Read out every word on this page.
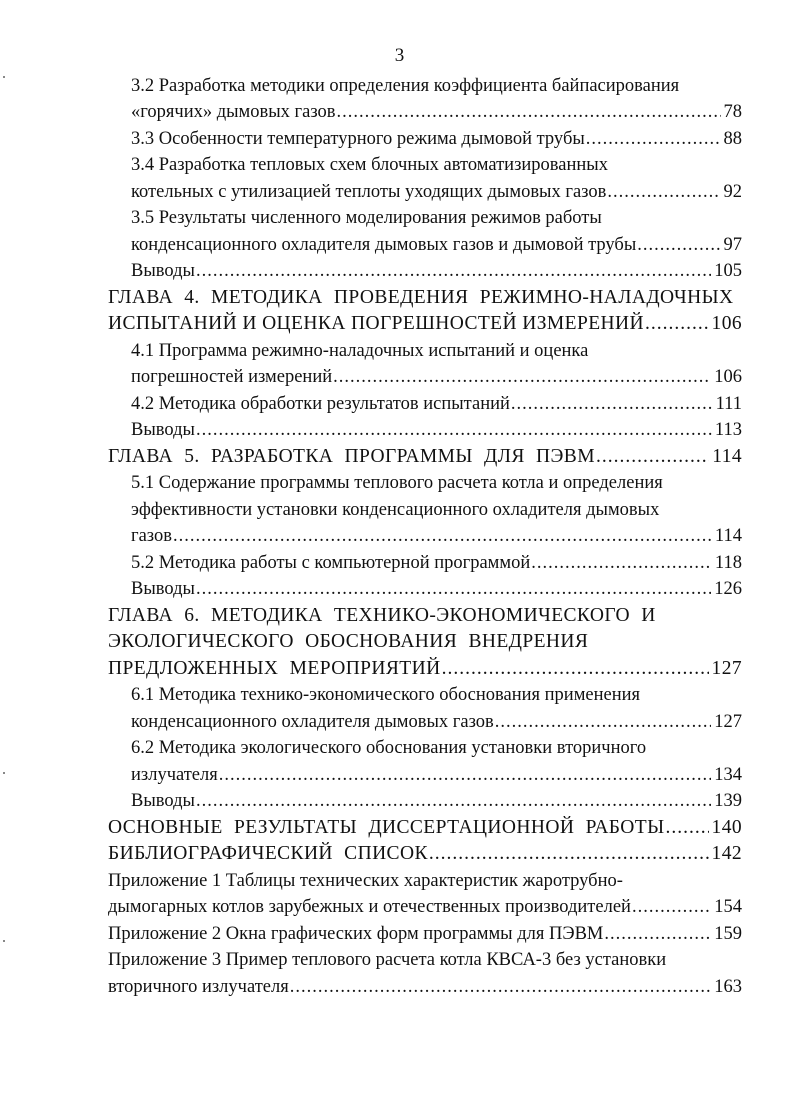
3
3.2 Разработка методики определения коэффициента байпасирования
«горячих» дымовых газов .....	78
3.3 Особенности температурного режима дымовой трубы .....	88
3.4 Разработка тепловых схем блочных автоматизированных
котельных с утилизацией теплоты уходящих дымовых газов .....	92
3.5 Результаты численного моделирования режимов работы
конденсационного охладителя дымовых газов и дымовой трубы .....	97
Выводы .....	105
ГЛАВА 4. МЕТОДИКА ПРОВЕДЕНИЯ РЕЖИМНО-НАЛАДОЧНЫХ
ИСПЫТАНИЙ И ОЦЕНКА ПОГРЕШНОСТЕЙ ИЗМЕРЕНИЙ .....	106
4.1 Программа режимно-наладочных испытаний и оценка
погрешностей измерений .....	106
4.2 Методика обработки результатов испытаний .....	111
Выводы .....	113
ГЛАВА 5. РАЗРАБОТКА ПРОГРАММЫ ДЛЯ ПЭВМ .....	114
5.1 Содержание программы теплового расчета котла и определения
эффективности установки конденсационного охладителя дымовых
газов .....	114
5.2 Методика работы с компьютерной программой .....	118
Выводы .....	126
ГЛАВА 6. МЕТОДИКА ТЕХНИКО-ЭКОНОМИЧЕСКОГО И
ЭКОЛОГИЧЕСКОГО ОБОСНОВАНИЯ ВНЕДРЕНИЯ
ПРЕДЛОЖЕННЫХ МЕРОПРИЯТИЙ .....	127
6.1 Методика технико-экономического обоснования применения
конденсационного охладителя дымовых газов .....	127
6.2 Методика экологического обоснования установки вторичного
излучателя .....	134
Выводы .....	139
ОСНОВНЫЕ РЕЗУЛЬТАТЫ ДИССЕРТАЦИОННОЙ РАБОТЫ ..... 140
БИБЛИОГРАФИЧЕСКИЙ СПИСОК .....	142
Приложение 1 Таблицы технических характеристик жаротрубно-
дымогарных котлов зарубежных и отечественных производителей .....	154
Приложение 2 Окна графических форм программы для ПЭВМ .....	159
Приложение 3 Пример теплового расчета котла КВСА-3 без установки
вторичного излучателя .....	163
